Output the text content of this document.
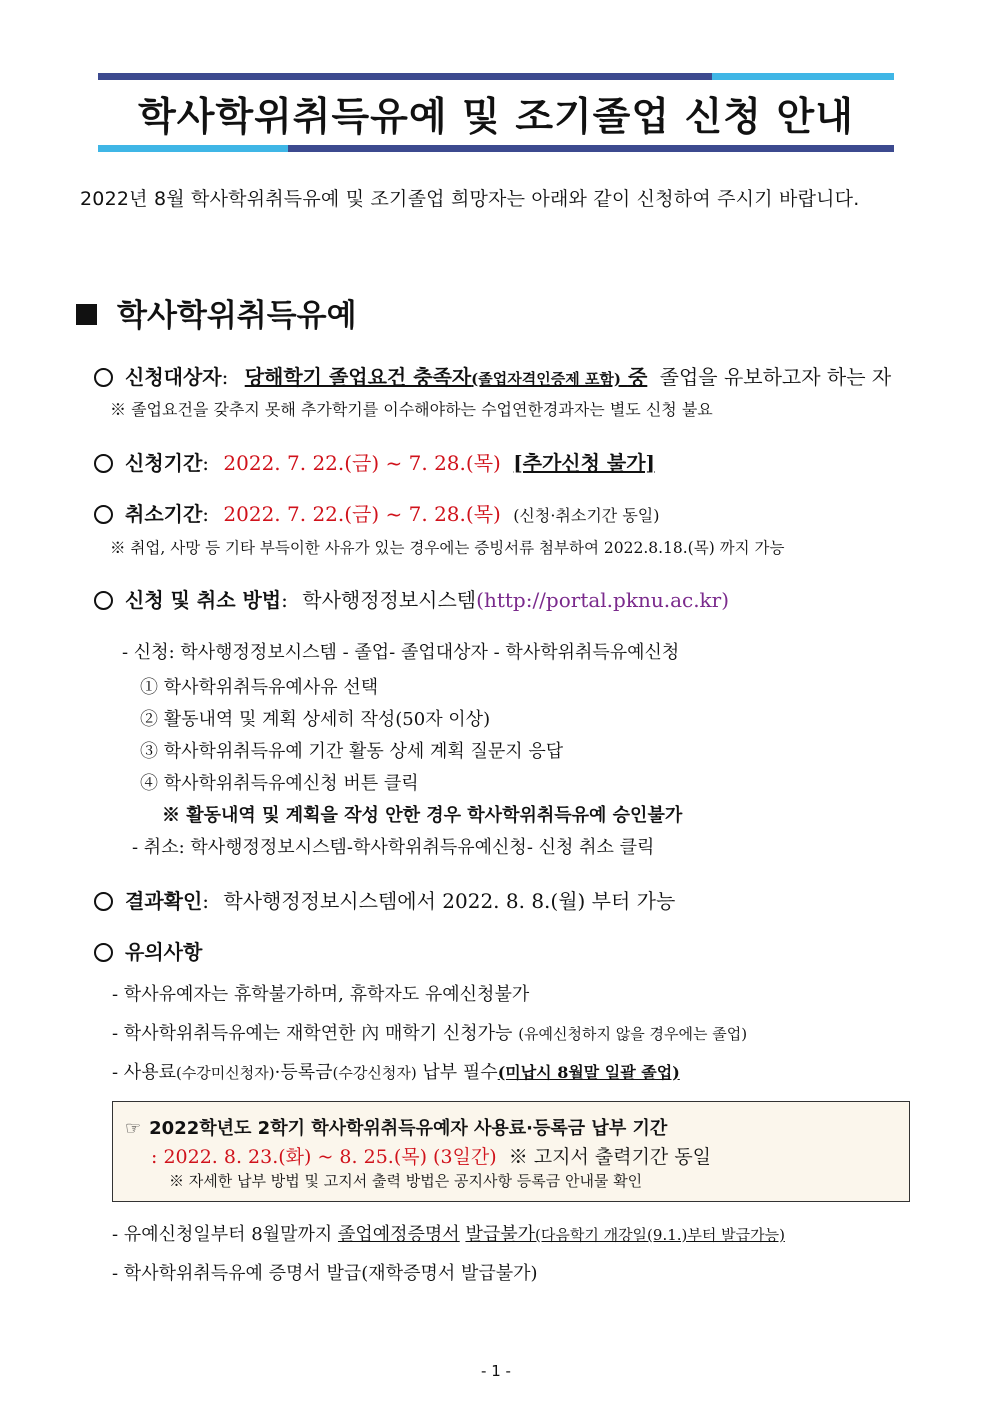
학사학위취득유예 및 조기졸업 신청 안내
2022년 8월 학사학위취득유예 및 조기졸업 희망자는 아래와 같이 신청하여 주시기 바랍니다.
학사학위취득유예
신청대상자: 당해학기 졸업요건 충족자(졸업자격인증제 포함) 중 졸업을 유보하고자 하는 자
※ 졸업요건을 갖추지 못해 추가학기를 이수해야하는 수업연한경과자는 별도 신청 불요
신청기간: 2022. 7. 22.(금) ~ 7. 28.(목) [추가신청 불가]
취소기간: 2022. 7. 22.(금) ~ 7. 28.(목) (신청·취소기간 동일)
※ 취업, 사망 등 기타 부득이한 사유가 있는 경우에는 증빙서류 첨부하여 2022.8.18.(목) 까지 가능
신청 및 취소 방법: 학사행정정보시스템(http://portal.pknu.ac.kr)
- 신청: 학사행정정보시스템 - 졸업- 졸업대상자 - 학사학위취득유예신청
① 학사학위취득유예사유 선택
② 활동내역 및 계획 상세히 작성(50자 이상)
③ 학사학위취득유예 기간 활동 상세 계획 질문지 응답
④ 학사학위취득유예신청 버튼 클릭
※ 활동내역 및 계획을 작성 안한 경우 학사학위취득유예 승인불가
- 취소: 학사행정정보시스템-학사학위취득유예신청- 신청 취소 클릭
결과확인: 학사행정정보시스템에서 2022. 8. 8.(월) 부터 가능
유의사항
- 학사유예자는 휴학불가하며, 휴학자도 유예신청불가
- 학사학위취득유예는 재학연한 內 매학기 신청가능 (유예신청하지 않을 경우에는 졸업)
- 사용료(수강미신청자)·등록금(수강신청자) 납부 필수(미납시 8월말 일괄 졸업)
☞ 2022학년도 2학기 학사학위취득유예자 사용료·등록금 납부 기간
: 2022. 8. 23.(화) ~ 8. 25.(목) (3일간) ※ 고지서 출력기간 동일
※ 자세한 납부 방법 및 고지서 출력 방법은 공지사항 등록금 안내물 확인
- 유예신청일부터 8월말까지 졸업예정증명서 발급불가(다음학기 개강일(9.1.)부터 발급가능)
- 학사학위취득유예 증명서 발급(재학증명서 발급불가)
- 1 -
